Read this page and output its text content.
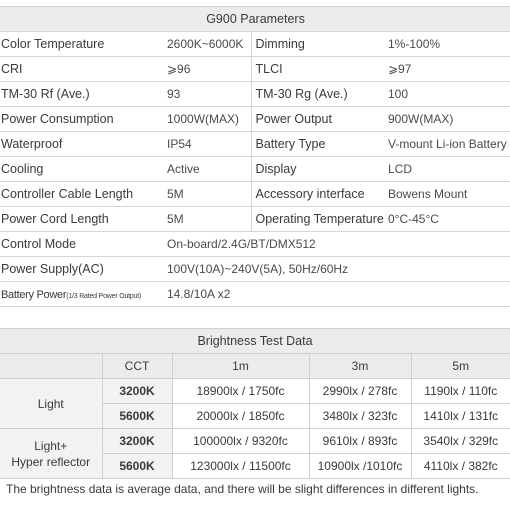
G900 Parameters			
Color Temperature	2600K~6000K	Dimming	1%-100%
CRI	⩾96	TLCI	⩾97
TM-30 Rf (Ave.)	93	TM-30 Rg (Ave.)	100
Power Consumption	1000W(MAX)	Power Output	900W(MAX)
Waterproof	IP54	Battery Type	V-mount Li-ion Battery
Cooling	Active	Display	LCD
Controller Cable Length	5M	Accessory interface	Bowens Mount
Power Cord Length	5M	Operating Temperature	0°C-45°C
Control Mode	On-board/2.4G/BT/DMX512		
Power Supply(AC)	100V(10A)~240V(5A), 50Hz/60Hz		
Battery Power(1/3 Rated Power Output)	14.8/10A x2		
Brightness Test Data				
	CCT	1m	3m	5m
Light	3200K	18900lx / 1750fc	2990lx / 278fc	1190lx / 110fc
	5600K	20000lx / 1850fc	3480lx / 323fc	1410lx / 131fc
Light+
Hyper reflector	3200K	100000lx / 9320fc	9610lx / 893fc	3540lx / 329fc
	5600K	123000lx / 11500fc	10900lx /1010fc	4110lx / 382fc
The brightness data is average data, and there will be slight differences in different lights.
